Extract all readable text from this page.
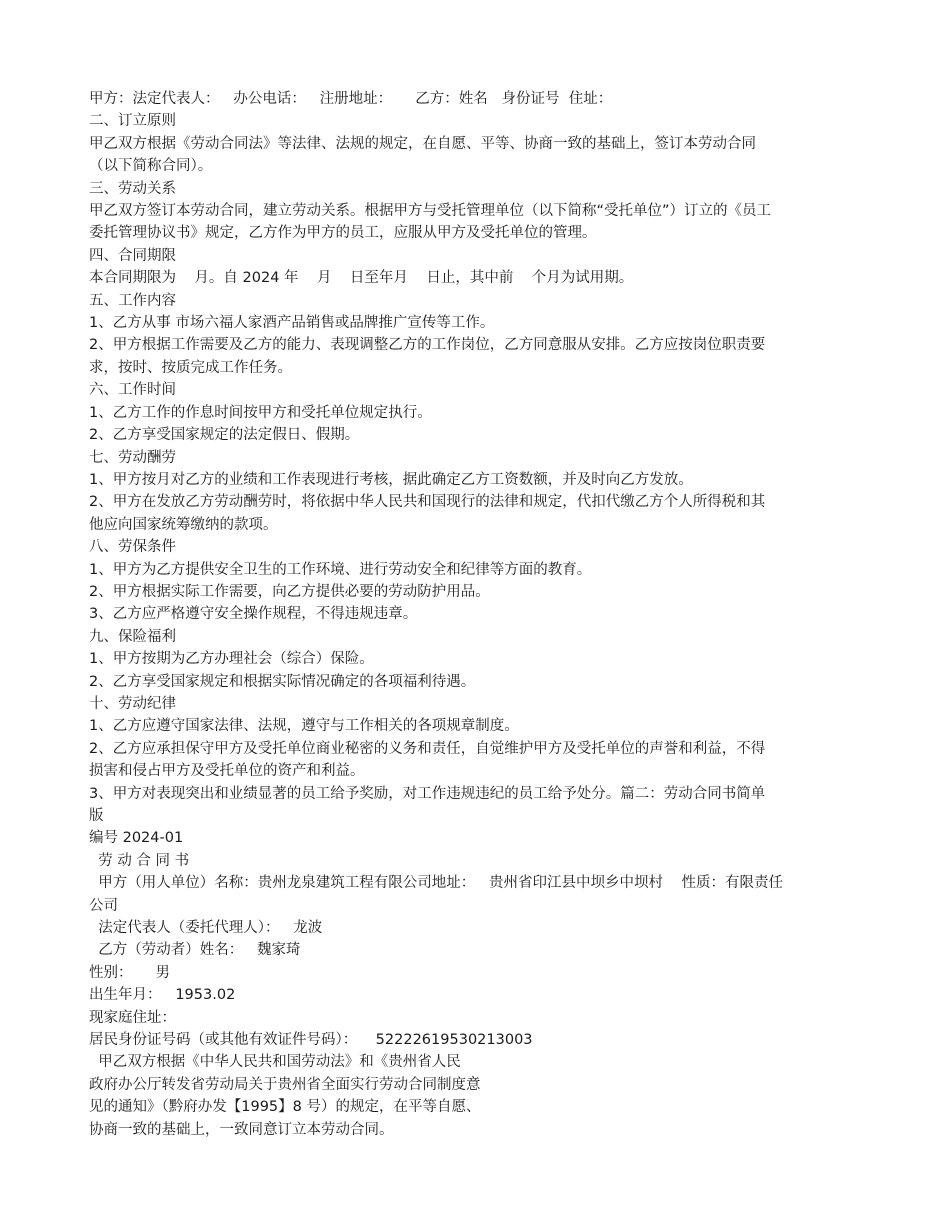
甲方：法定代表人：   办公电话：   注册地址：     乙方：姓名   身份证号  住址：

二、订立原则

甲乙双方根据《劳动合同法》等法律、法规的规定，在自愿、平等、协商一致的基础上，签订本劳动合同

（以下简称合同）。

三、劳动关系

甲乙双方签订本劳动合同，建立劳动关系。根据甲方与受托管理单位（以下简称“受托单位”）订立的《员工

委托管理协议书》规定，乙方作为甲方的员工，应服从甲方及受托单位的管理。

四、合同期限

本合同期限为    月。自 2024 年    月    日至年月    日止，其中前    个月为试用期。

五、工作内容

1、乙方从事 市场六福人家酒产品销售或品牌推广宣传等工作。

2、甲方根据工作需要及乙方的能力、表现调整乙方的工作岗位，乙方同意服从安排。乙方应按岗位职责要

求，按时、按质完成工作任务。

六、工作时间

1、乙方工作的作息时间按甲方和受托单位规定执行。

2、乙方享受国家规定的法定假日、假期。

七、劳动酬劳

1、甲方按月对乙方的业绩和工作表现进行考核，据此确定乙方工资数额，并及时向乙方发放。

2、甲方在发放乙方劳动酬劳时，将依据中华人民共和国现行的法律和规定，代扣代缴乙方个人所得税和其

他应向国家统筹缴纳的款项。

八、劳保条件

1、甲方为乙方提供安全卫生的工作环境、进行劳动安全和纪律等方面的教育。

2、甲方根据实际工作需要，向乙方提供必要的劳动防护用品。

3、乙方应严格遵守安全操作规程，不得违规违章。

九、保险福利

1、甲方按期为乙方办理社会（综合）保险。

2、乙方享受国家规定和根据实际情况确定的各项福利待遇。

十、劳动纪律

1、乙方应遵守国家法律、法规，遵守与工作相关的各项规章制度。

2、乙方应承担保守甲方及受托单位商业秘密的义务和责任，自觉维护甲方及受托单位的声誉和利益，不得

损害和侵占甲方及受托单位的资产和利益。

3、甲方对表现突出和业绩显著的员工给予奖励，对工作违规违纪的员工给予处分。篇二：劳动合同书简单

版

编号 2024-01

劳 动 合 同 书

甲方（用人单位）名称：贵州龙泉建筑工程有限公司地址：   贵州省印江县中坝乡中坝村    性质：有限责任

公司

法定代表人（委托代理人）：   龙波

乙方（劳动者）姓名：   魏家琦

性别：     男

出生年月：   1953.02

现家庭住址：

居民身份证号码（或其他有效证件号码）：    52222619530213003

甲乙双方根据《中华人民共和国劳动法》和《贵州省人民

政府办公厅转发省劳动局关于贵州省全面实行劳动合同制度意

见的通知》（黔府办发【1995】8 号）的规定，在平等自愿、

协商一致的基础上，一致同意订立本劳动合同。
